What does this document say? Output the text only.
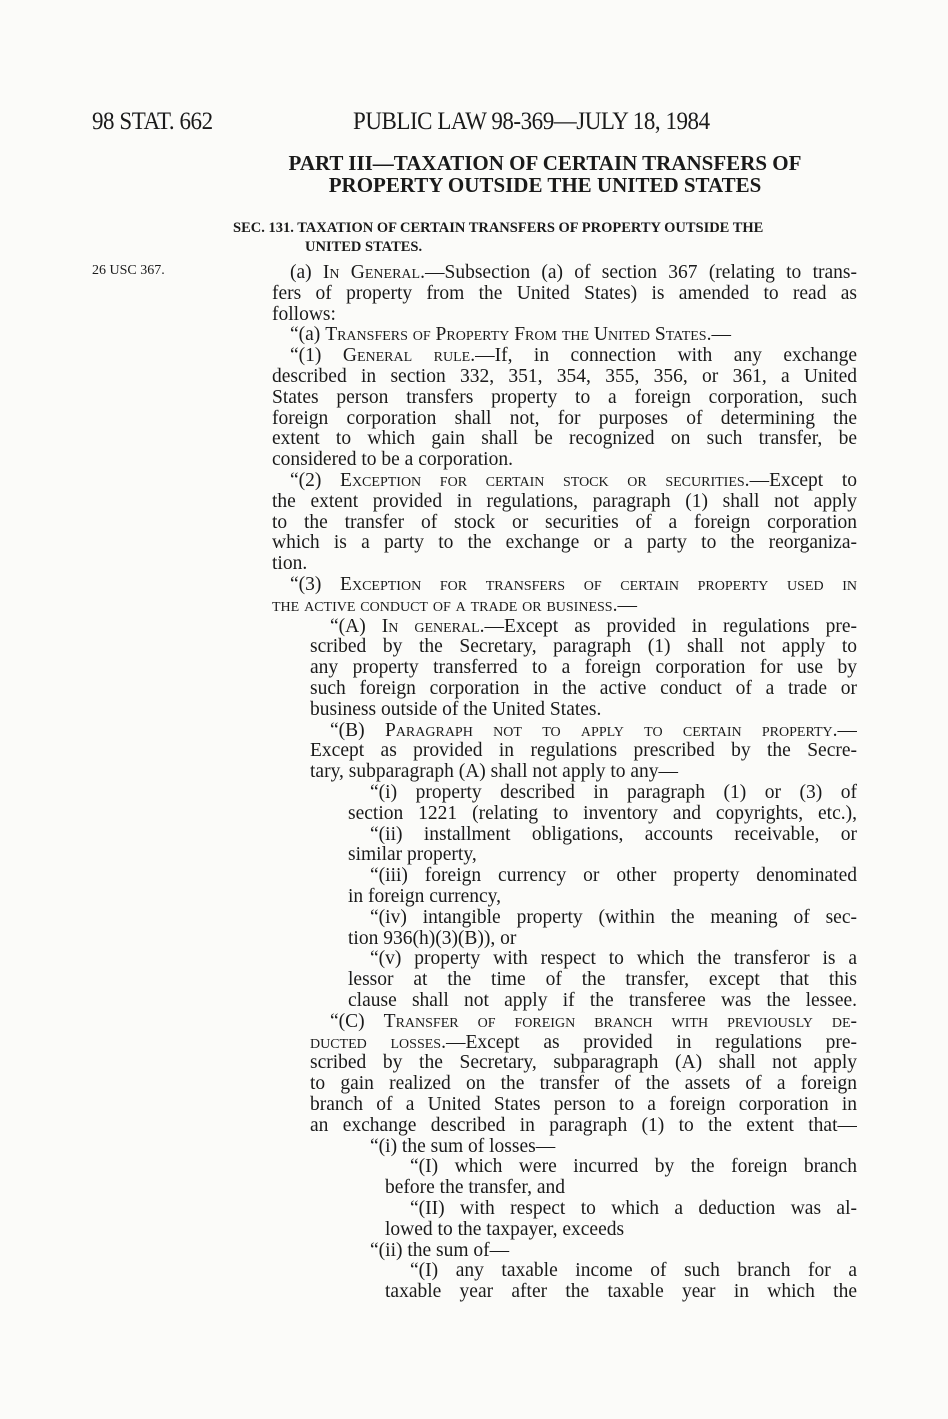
98 STAT. 662	PUBLIC LAW 98-369—JULY 18, 1984
PART III—TAXATION OF CERTAIN TRANSFERS OF
PROPERTY OUTSIDE THE UNITED STATES
SEC. 131. TAXATION OF CERTAIN TRANSFERS OF PROPERTY OUTSIDE THE
UNITED STATES.
26 USC 367.	(a) In General.—Subsection (a) of section 367 (relating to trans-
fers of property from the United States) is amended to read as
follows:
“(a) Transfers of Property From the United States.—
“(1) General rule.—If, in connection with any exchange
described in section 332, 351, 354, 355, 356, or 361, a United
States person transfers property to a foreign corporation, such
foreign corporation shall not, for purposes of determining the
extent to which gain shall be recognized on such transfer, be
considered to be a corporation.
“(2) Exception for certain stock or securities.—Except to
the extent provided in regulations, paragraph (1) shall not apply
to the transfer of stock or securities of a foreign corporation
which is a party to the exchange or a party to the reorganiza-
tion.
“(3) Exception for transfers of certain property used in
the active conduct of a trade or business.—
“(A) In general.—Except as provided in regulations pre-
scribed by the Secretary, paragraph (1) shall not apply to
any property transferred to a foreign corporation for use by
such foreign corporation in the active conduct of a trade or
business outside of the United States.
“(B) Paragraph not to apply to certain property.—
Except as provided in regulations prescribed by the Secre-
tary, subparagraph (A) shall not apply to any—
“(i) property described in paragraph (1) or (3) of
section 1221 (relating to inventory and copyrights, etc.),
“(ii) installment obligations, accounts receivable, or
similar property,
“(iii) foreign currency or other property denominated
in foreign currency,
“(iv) intangible property (within the meaning of sec-
tion 936(h)(3)(B)), or
“(v) property with respect to which the transferor is a
lessor at the time of the transfer, except that this
clause shall not apply if the transferee was the lessee.
“(C) Transfer of foreign branch with previously de-
ducted losses.—Except as provided in regulations pre-
scribed by the Secretary, subparagraph (A) shall not apply
to gain realized on the transfer of the assets of a foreign
branch of a United States person to a foreign corporation in
an exchange described in paragraph (1) to the extent that—
“(i) the sum of losses—
“(I) which were incurred by the foreign branch
before the transfer, and
“(II) with respect to which a deduction was al-
lowed to the taxpayer, exceeds
“(ii) the sum of—
“(I) any taxable income of such branch for a
taxable year after the taxable year in which the
